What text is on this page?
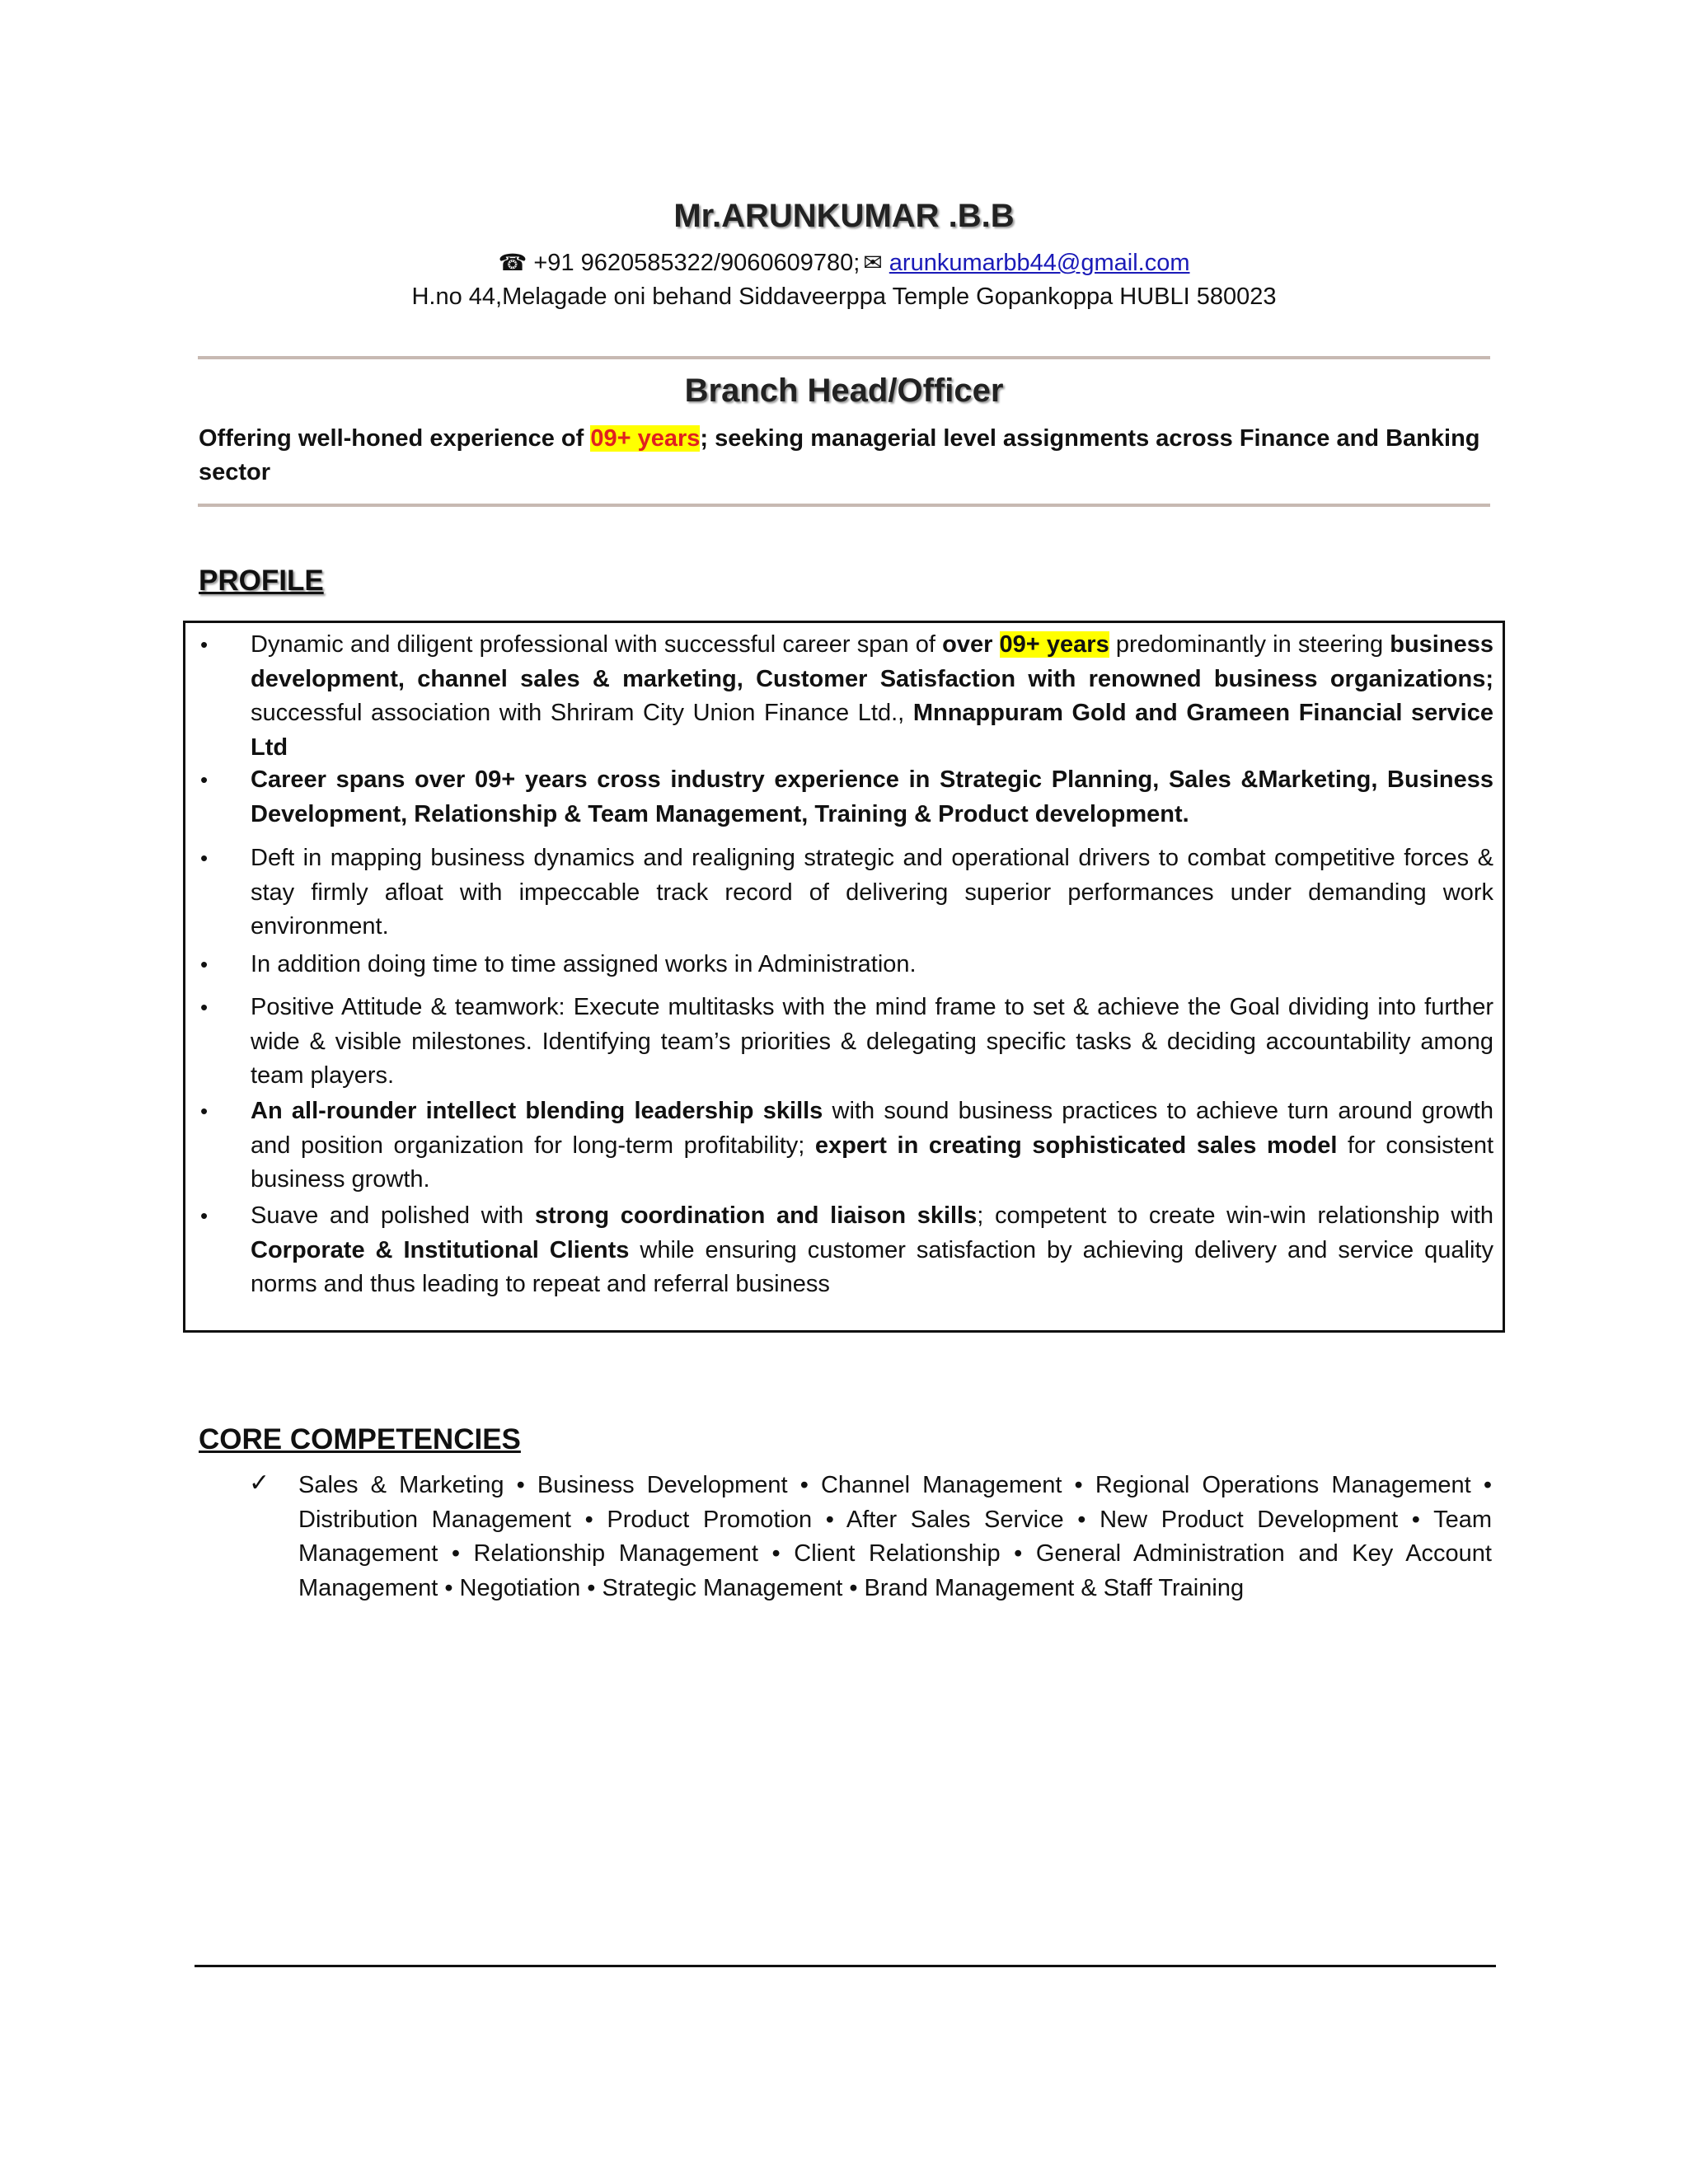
Mr.ARUNKUMAR .B.B
☎ +91 9620585322/9060609780; ✉ arunkumarbb44@gmail.com
H.no 44,Melagade oni behand Siddaveerppa Temple Gopankoppa HUBLI 580023
Branch Head/Officer
Offering well-honed experience of 09+ years; seeking managerial level assignments across Finance and Banking sector
PROFILE
• Dynamic and diligent professional with successful career span of over 09+ years predominantly in steering business development, channel sales & marketing, Customer Satisfaction with renowned business organizations; successful association with Shriram City Union Finance Ltd., Mnnappuram Gold and Grameen Financial service Ltd
• Career spans over 09+ years cross industry experience in Strategic Planning, Sales &Marketing, Business Development, Relationship & Team Management, Training & Product development.
• Deft in mapping business dynamics and realigning strategic and operational drivers to combat competitive forces & stay firmly afloat with impeccable track record of delivering superior performances under demanding work environment.
• In addition doing time to time assigned works in Administration.
• Positive Attitude & teamwork: Execute multitasks with the mind frame to set & achieve the Goal dividing into further wide & visible milestones. Identifying team’s priorities & delegating specific tasks & deciding accountability among team players.
• An all-rounder intellect blending leadership skills with sound business practices to achieve turn around growth and position organization for long-term profitability; expert in creating sophisticated sales model for consistent business growth.
• Suave and polished with strong coordination and liaison skills; competent to create win-win relationship with Corporate & Institutional Clients while ensuring customer satisfaction by achieving delivery and service quality norms and thus leading to repeat and referral business
CORE COMPETENCIES
✓ Sales & Marketing • Business Development • Channel Management • Regional Operations Management • Distribution Management • Product Promotion • After Sales Service • New Product Development • Team Management • Relationship Management • Client Relationship • General Administration and Key Account Management • Negotiation • Strategic Management • Brand Management & Staff Training
